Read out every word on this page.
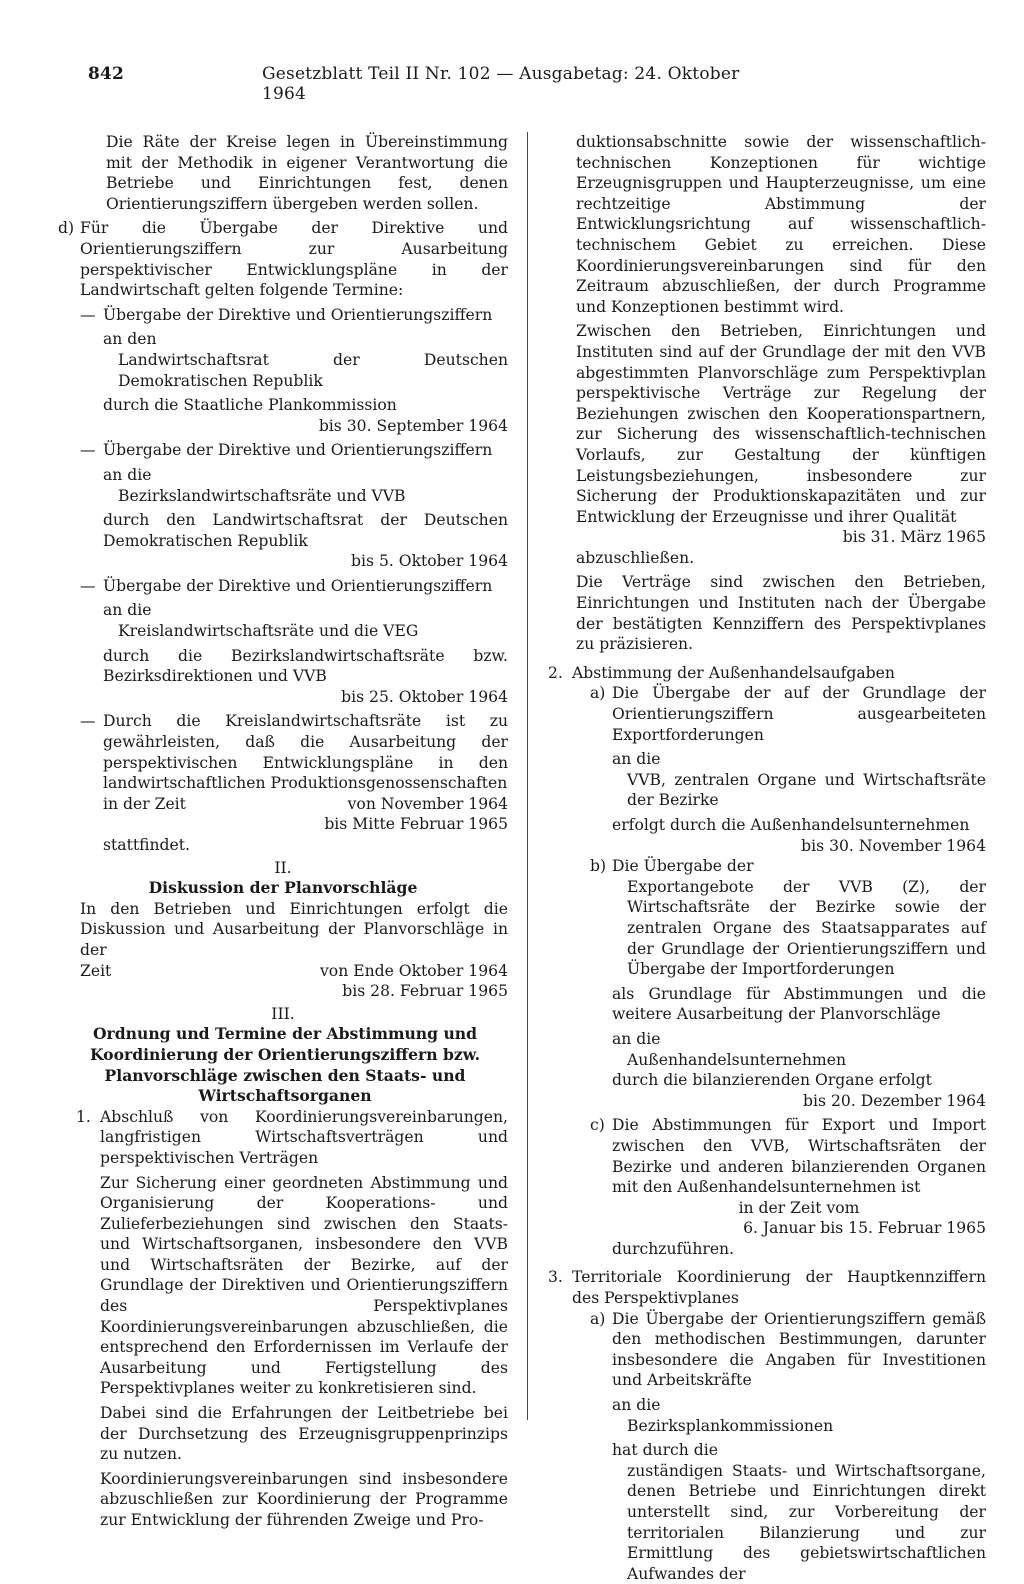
842	Gesetzblatt Teil II Nr. 102 — Ausgabetag: 24. Oktober 1964
Die Räte der Kreise legen in Übereinstimmung mit der Methodik in eigener Verantwortung die Betriebe und Einrichtungen fest, denen Orientierungsziffern übergeben werden sollen.
d) Für die Übergabe der Direktive und Orientierungsziffern zur Ausarbeitung perspektivischer Entwicklungspläne in der Landwirtschaft gelten folgende Termine:
— Übergabe der Direktive und Orientierungsziffern
an den
Landwirtschaftsrat der Deutschen Demokratischen Republik
durch die Staatliche Plankommission
bis 30. September 1964
— Übergabe der Direktive und Orientierungsziffern
an die
Bezirkslandwirtschaftsräte und VVB
durch den Landwirtschaftsrat der Deutschen Demokratischen Republik
bis 5. Oktober 1964
— Übergabe der Direktive und Orientierungsziffern
an die
Kreislandwirtschaftsräte und die VEG
durch die Bezirkslandwirtschaftsräte bzw. Bezirksdirektionen und VVB
bis 25. Oktober 1964
— Durch die Kreislandwirtschaftsräte ist zu gewährleisten, daß die Ausarbeitung der perspektivischen Entwicklungspläne in den landwirtschaftlichen Produktionsgenossenschaften
in der Zeit	von November 1964
bis Mitte Februar 1965
stattfindet.
II.
Diskussion der Planvorschläge
In den Betrieben und Einrichtungen erfolgt die Diskussion und Ausarbeitung der Planvorschläge in der
Zeit	von Ende Oktober 1964
bis 28. Februar 1965
III.
Ordnung und Termine der Abstimmung und Koordinierung der Orientierungsziffern bzw. Planvorschläge zwischen den Staats- und Wirtschaftsorganen
1. Abschluß von Koordinierungsvereinbarungen, langfristigen Wirtschaftsverträgen und perspektivischen Verträgen
Zur Sicherung einer geordneten Abstimmung und Organisierung der Kooperations- und Zulieferbeziehungen sind zwischen den Staats- und Wirtschaftsorganen, insbesondere den VVB und Wirtschaftsräten der Bezirke, auf der Grundlage der Direktiven und Orientierungsziffern des Perspektivplanes Koordinierungsvereinbarungen abzuschließen, die entsprechend den Erfordernissen im Verlaufe der Ausarbeitung und Fertigstellung des Perspektivplanes weiter zu konkretisieren sind.
Dabei sind die Erfahrungen der Leitbetriebe bei der Durchsetzung des Erzeugnisgruppenprinzips zu nutzen.
Koordinierungsvereinbarungen sind insbesondere abzuschließen zur Koordinierung der Programme zur Entwicklung der führenden Zweige und Pro-
duktionsabschnitte sowie der wissenschaftlich-technischen Konzeptionen für wichtige Erzeugnisgruppen und Haupterzeugnisse, um eine rechtzeitige Abstimmung der Entwicklungsrichtung auf wissenschaftlich-technischem Gebiet zu erreichen. Diese Koordinierungsvereinbarungen sind für den Zeitraum abzuschließen, der durch Programme und Konzeptionen bestimmt wird.
Zwischen den Betrieben, Einrichtungen und Instituten sind auf der Grundlage der mit den VVB abgestimmten Planvorschläge zum Perspektivplan perspektivische Verträge zur Regelung der Beziehungen zwischen den Kooperationspartnern, zur Sicherung des wissenschaftlich-technischen Vorlaufs, zur Gestaltung der künftigen Leistungsbeziehungen, insbesondere zur Sicherung der Produktionskapazitäten und zur Entwicklung der Erzeugnisse und ihrer Qualität
bis 31. März 1965
abzuschließen.
Die Verträge sind zwischen den Betrieben, Einrichtungen und Instituten nach der Übergabe der bestätigten Kennziffern des Perspektivplanes zu präzisieren.
2. Abstimmung der Außenhandelsaufgaben
a) Die Übergabe der auf der Grundlage der Orientierungsziffern ausgearbeiteten Exportforderungen
an die
VVB, zentralen Organe und Wirtschaftsräte der Bezirke
erfolgt durch die Außenhandelsunternehmen
bis 30. November 1964
b) Die Übergabe der
Exportangebote der VVB (Z), der Wirtschaftsräte der Bezirke sowie der zentralen Organe des Staatsapparates auf der Grundlage der Orientierungsziffern und Übergabe der Importforderungen
als Grundlage für Abstimmungen und die weitere Ausarbeitung der Planvorschläge
an die
Außenhandelsunternehmen
durch die bilanzierenden Organe erfolgt
bis 20. Dezember 1964
c) Die Abstimmungen für Export und Import zwischen den VVB, Wirtschaftsräten der Bezirke und anderen bilanzierenden Organen mit den Außenhandelsunternehmen ist
in der Zeit vom
6. Januar bis 15. Februar 1965
durchzuführen.
3. Territoriale Koordinierung der Hauptkennziffern des Perspektivplanes
a) Die Übergabe der Orientierungsziffern gemäß den methodischen Bestimmungen, darunter insbesondere die Angaben für Investitionen und Arbeitskräfte
an die
Bezirksplankommissionen
hat durch die
zuständigen Staats- und Wirtschaftsorgane, denen Betriebe und Einrichtungen direkt unterstellt sind, zur Vorbereitung der territorialen Bilanzierung und zur Ermittlung des gebietswirtschaftlichen Aufwandes der
